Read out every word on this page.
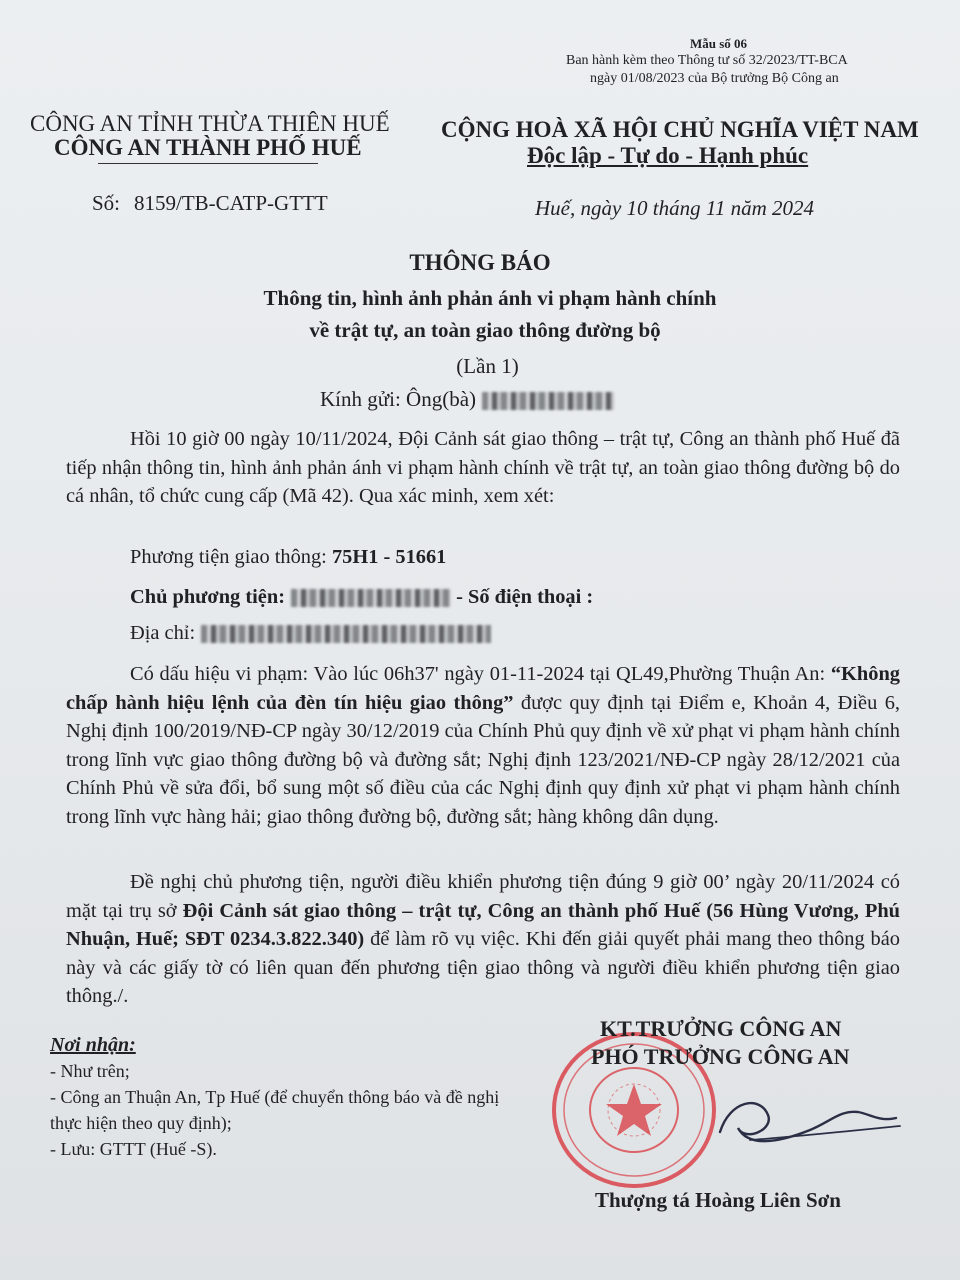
Mẫu số 06
Ban hành kèm theo Thông tư số 32/2023/TT-BCA
ngày 01/08/2023 của Bộ trưởng Bộ Công an
CÔNG AN TỈNH THỪA THIÊN HUẾ
CÔNG AN THÀNH PHỐ HUẾ
CỘNG HOÀ XÃ HỘI CHỦ NGHĨA VIỆT NAM
Độc lập - Tự do - Hạnh phúc
Số: 8159/TB-CATP-GTTT	Huế, ngày 10 tháng 11 năm 2024
THÔNG BÁO
Thông tin, hình ảnh phản ánh vi phạm hành chính
về trật tự, an toàn giao thông đường bộ
(Lần 1)
Kính gửi: Ông(bà)
Hồi 10 giờ 00 ngày 10/11/2024, Đội Cảnh sát giao thông – trật tự, Công an thành phố Huế đã tiếp nhận thông tin, hình ảnh phản ánh vi phạm hành chính về trật tự, an toàn giao thông đường bộ do cá nhân, tổ chức cung cấp (Mã 42). Qua xác minh, xem xét:
Phương tiện giao thông: 75H1 - 51661
Chủ phương tiện:	- Số điện thoại :
Địa chỉ:
Có dấu hiệu vi phạm: Vào lúc 06h37' ngày 01-11-2024 tại QL49,Phường Thuận An: “Không chấp hành hiệu lệnh của đèn tín hiệu giao thông” được quy định tại Điểm e, Khoản 4, Điều 6, Nghị định 100/2019/NĐ-CP ngày 30/12/2019 của Chính Phủ quy định về xử phạt vi phạm hành chính trong lĩnh vực giao thông đường bộ và đường sắt; Nghị định 123/2021/NĐ-CP ngày 28/12/2021 của Chính Phủ về sửa đổi, bổ sung một số điều của các Nghị định quy định xử phạt vi phạm hành chính trong lĩnh vực hàng hải; giao thông đường bộ, đường sắt; hàng không dân dụng.
Đề nghị chủ phương tiện, người điều khiển phương tiện đúng 9 giờ 00’ ngày 20/11/2024 có mặt tại trụ sở Đội Cảnh sát giao thông – trật tự, Công an thành phố Huế (56 Hùng Vương, Phú Nhuận, Huế; SĐT 0234.3.822.340) để làm rõ vụ việc. Khi đến giải quyết phải mang theo thông báo này và các giấy tờ có liên quan đến phương tiện giao thông và người điều khiển phương tiện giao thông./.
Nơi nhận:
- Như trên;
- Công an Thuận An, Tp Huế (để chuyển thông báo và đề nghị thực hiện theo quy định);
- Lưu: GTTT (Huế -S).
KT.TRƯỞNG CÔNG AN
PHÓ TRƯỞNG CÔNG AN
Thượng tá Hoàng Liên Sơn
